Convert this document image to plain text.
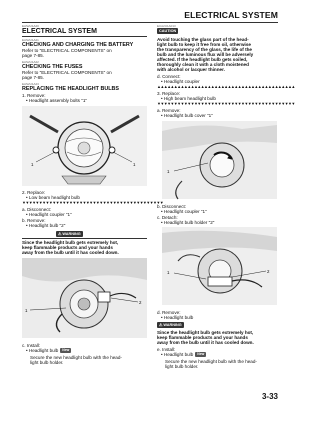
ELECTRICAL SYSTEM
EAS2U1A20
ELECTRICAL SYSTEM
EAS2U1A21
CHECKING AND CHARGING THE BATTERY
Refer to "ELECTRICAL COMPONENTS" on
page 7-85.
EAS2U1A22
CHECKING THE FUSES
Refer to "ELECTRICAL COMPONENTS" on
page 7-85.
EAS2U1A23
REPLACING THE HEADLIGHT BULBS
1. Remove:
• Headlight assembly bolts "1"
1	1
2. Replace:
• Low beam headlight bulb
▼▼▼▼▼▼▼▼▼▼▼▼▼▼▼▼▼▼▼▼▼▼▼▼▼▼▼▼▼▼▼▼▼▼▼▼▼▼▼▼▼▼
a. Disconnect:
• Headlight coupler "1"
b. Remove:
• Headlight bulb "2"
⚠WARNING
Since the headlight bulb gets extremely hot,
keep flammable products and your hands
away from the bulb until it has cooled down.
1
2
c. Install:
• Headlight bulb New
Secure the new headlight bulb with the head-
light bulb holder.
ECA2U1A013
CAUTION
Avoid touching the glass part of the head-
light bulb to keep it free from oil, otherwise
the transparency of the glass, the life of the
bulb and the luminous flux will be adversely
affected. If the headlight bulb gets soiled,
thoroughly clean it with a cloth moistened
with alcohol or lacquer thinner.
d. Connect:
• Headlight coupler
▲▲▲▲▲▲▲▲▲▲▲▲▲▲▲▲▲▲▲▲▲▲▲▲▲▲▲▲▲▲▲▲▲▲▲▲▲▲▲▲▲
3. Replace:
• High beam headlight bulb
▼▼▼▼▼▼▼▼▼▼▼▼▼▼▼▼▼▼▼▼▼▼▼▼▼▼▼▼▼▼▼▼▼▼▼▼▼▼▼▼▼
a. Remove:
• Headlight bulb cover "1"
1
b. Disconnect:
• Headlight coupler "1"
c. Detach:
• Headlight bulb holder "2"
1	2
d. Remove:
• Headlight bulb
⚠WARNING
Since the headlight bulb gets extremely hot,
keep flammable products and your hands
away from the bulb until it has cooled down.
e. Install:
• Headlight bulb New
Secure the new headlight bulb with the head-
light bulb holder.
3-33
